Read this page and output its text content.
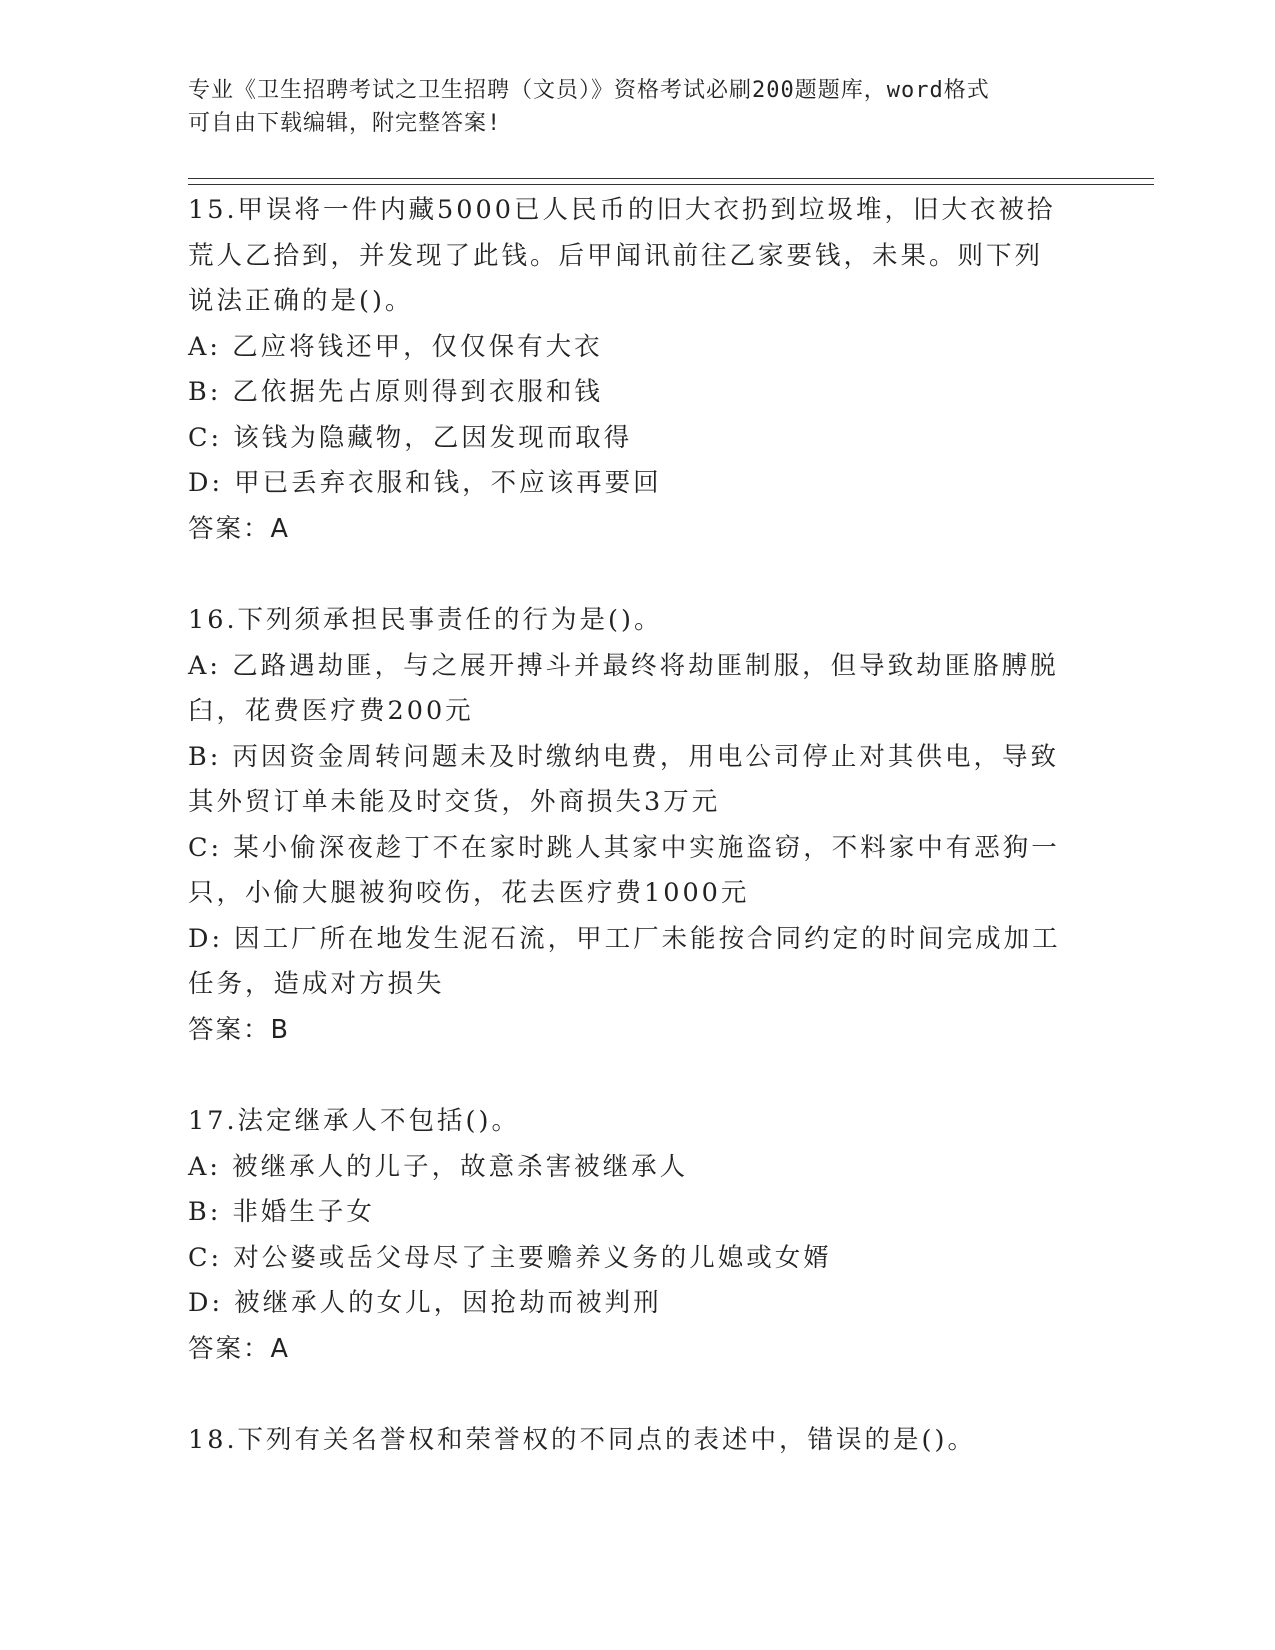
专业《卫生招聘考试之卫生招聘（文员）》资格考试必刷200题题库，word格式
可自由下载编辑，附完整答案!
15.甲误将一件内藏5000已人民币的旧大衣扔到垃圾堆，旧大衣被拾
荒人乙拾到，并发现了此钱。后甲闻讯前往乙家要钱，未果。则下列
说法正确的是()。
A: 乙应将钱还甲，仅仅保有大衣
B: 乙依据先占原则得到衣服和钱
C: 该钱为隐藏物，乙因发现而取得
D: 甲已丢弃衣服和钱，不应该再要回
答案：A
16.下列须承担民事责任的行为是()。
A: 乙路遇劫匪，与之展开搏斗并最终将劫匪制服，但导致劫匪胳膊脱
臼，花费医疗费200元
B: 丙因资金周转问题未及时缴纳电费，用电公司停止对其供电，导致
其外贸订单未能及时交货，外商损失3万元
C: 某小偷深夜趁丁不在家时跳人其家中实施盗窃，不料家中有恶狗一
只，小偷大腿被狗咬伤，花去医疗费1000元
D: 因工厂所在地发生泥石流，甲工厂未能按合同约定的时间完成加工
任务，造成对方损失
答案：B
17.法定继承人不包括()。
A: 被继承人的儿子，故意杀害被继承人
B: 非婚生子女
C: 对公婆或岳父母尽了主要赡养义务的儿媳或女婿
D: 被继承人的女儿，因抢劫而被判刑
答案：A
18.下列有关名誉权和荣誉权的不同点的表述中，错误的是()。
